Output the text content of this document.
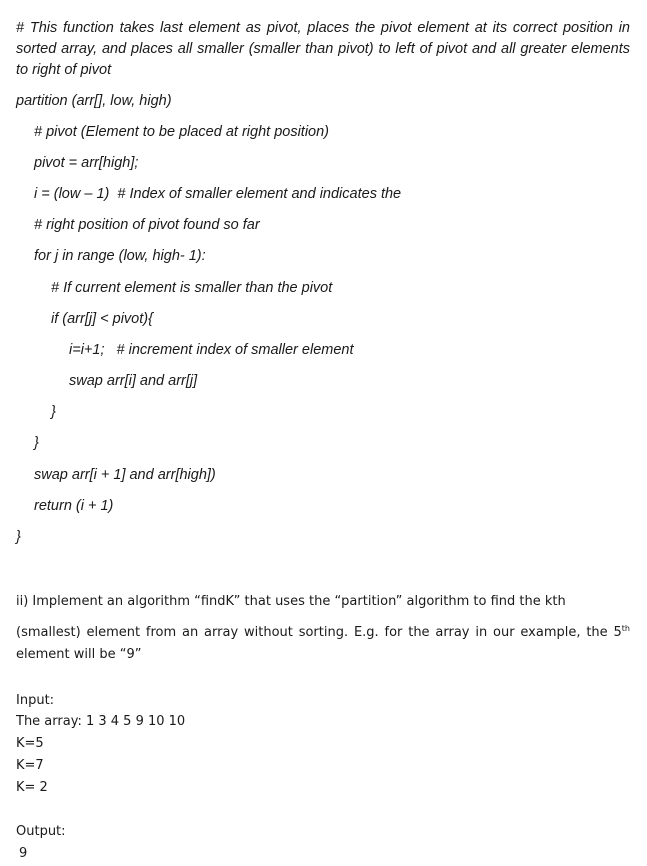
# This function takes last element as pivot, places the pivot element at its correct position in sorted array, and places all smaller (smaller than pivot) to left of pivot and all greater elements to right of pivot

partition (arr[], low, high)
# pivot (Element to be placed at right position)
pivot = arr[high];
i = (low – 1)  # Index of smaller element and indicates the
# right position of pivot found so far
for j in range (low, high- 1):
# If current element is smaller than the pivot
if (arr[j] < pivot){
i=i+1;   # increment index of smaller element
swap arr[i] and arr[j]
}
}
swap arr[i + 1] and arr[high])
return (i + 1)
}
ii) Implement an algorithm “findK” that uses the “partition” algorithm to find the kth

(smallest) element from an array without sorting. E.g. for the array in our example, the 5th element will be “9”

Input:
The array: 1 3 4 5 9 10 10
K=5
K=7
K= 2
Output:
9
